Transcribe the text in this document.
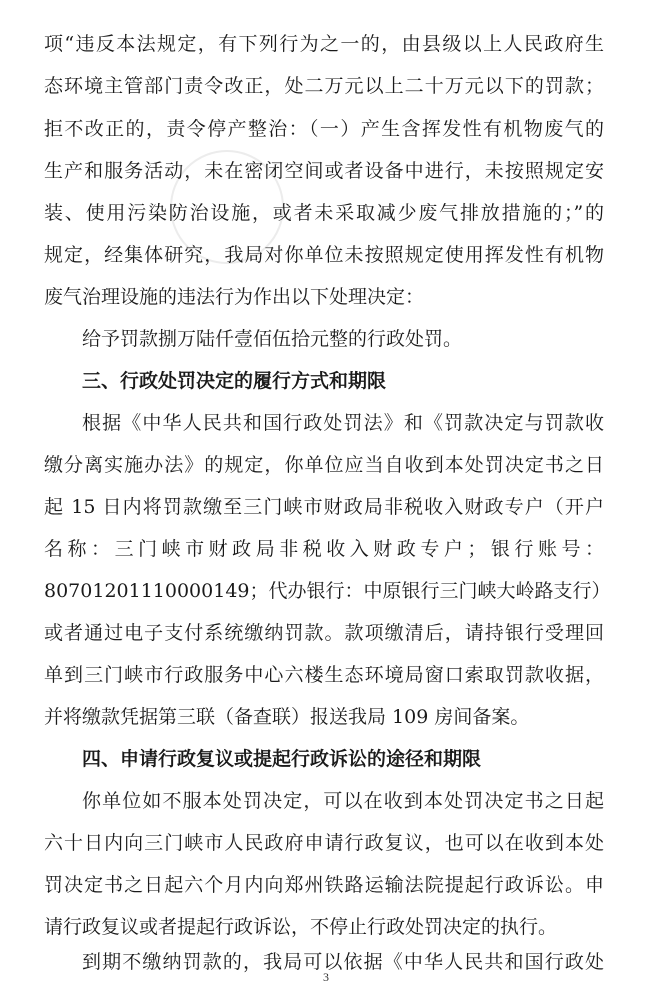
项“违反本法规定，有下列行为之一的，由县级以上人民政府生
态环境主管部门责令改正，处二万元以上二十万元以下的罚款；
拒不改正的，责令停产整治：（一）产生含挥发性有机物废气的
生产和服务活动，未在密闭空间或者设备中进行，未按照规定安
装、使用污染防治设施，或者未采取减少废气排放措施的；”的
规定，经集体研究，我局对你单位未按照规定使用挥发性有机物
废气治理设施的违法行为作出以下处理决定：
给予罚款捌万陆仟壹佰伍拾元整的行政处罚。
三、行政处罚决定的履行方式和期限
根据《中华人民共和国行政处罚法》和《罚款决定与罚款收
缴分离实施办法》的规定，你单位应当自收到本处罚决定书之日
起 15 日内将罚款缴至三门峡市财政局非税收入财政专户（开户
名称：三门峡市财政局非税收入财政专户；银行账号：
80701201110000149；代办银行：中原银行三门峡大岭路支行）
或者通过电子支付系统缴纳罚款。款项缴清后，请持银行受理回
单到三门峡市行政服务中心六楼生态环境局窗口索取罚款收据，
并将缴款凭据第三联（备查联）报送我局 109 房间备案。
四、申请行政复议或提起行政诉讼的途径和期限
你单位如不服本处罚决定，可以在收到本处罚决定书之日起
六十日内向三门峡市人民政府申请行政复议，也可以在收到本处
罚决定书之日起六个月内向郑州铁路运输法院提起行政诉讼。申
请行政复议或者提起行政诉讼，不停止行政处罚决定的执行。
到期不缴纳罚款的，我局可以依据《中华人民共和国行政处
3
